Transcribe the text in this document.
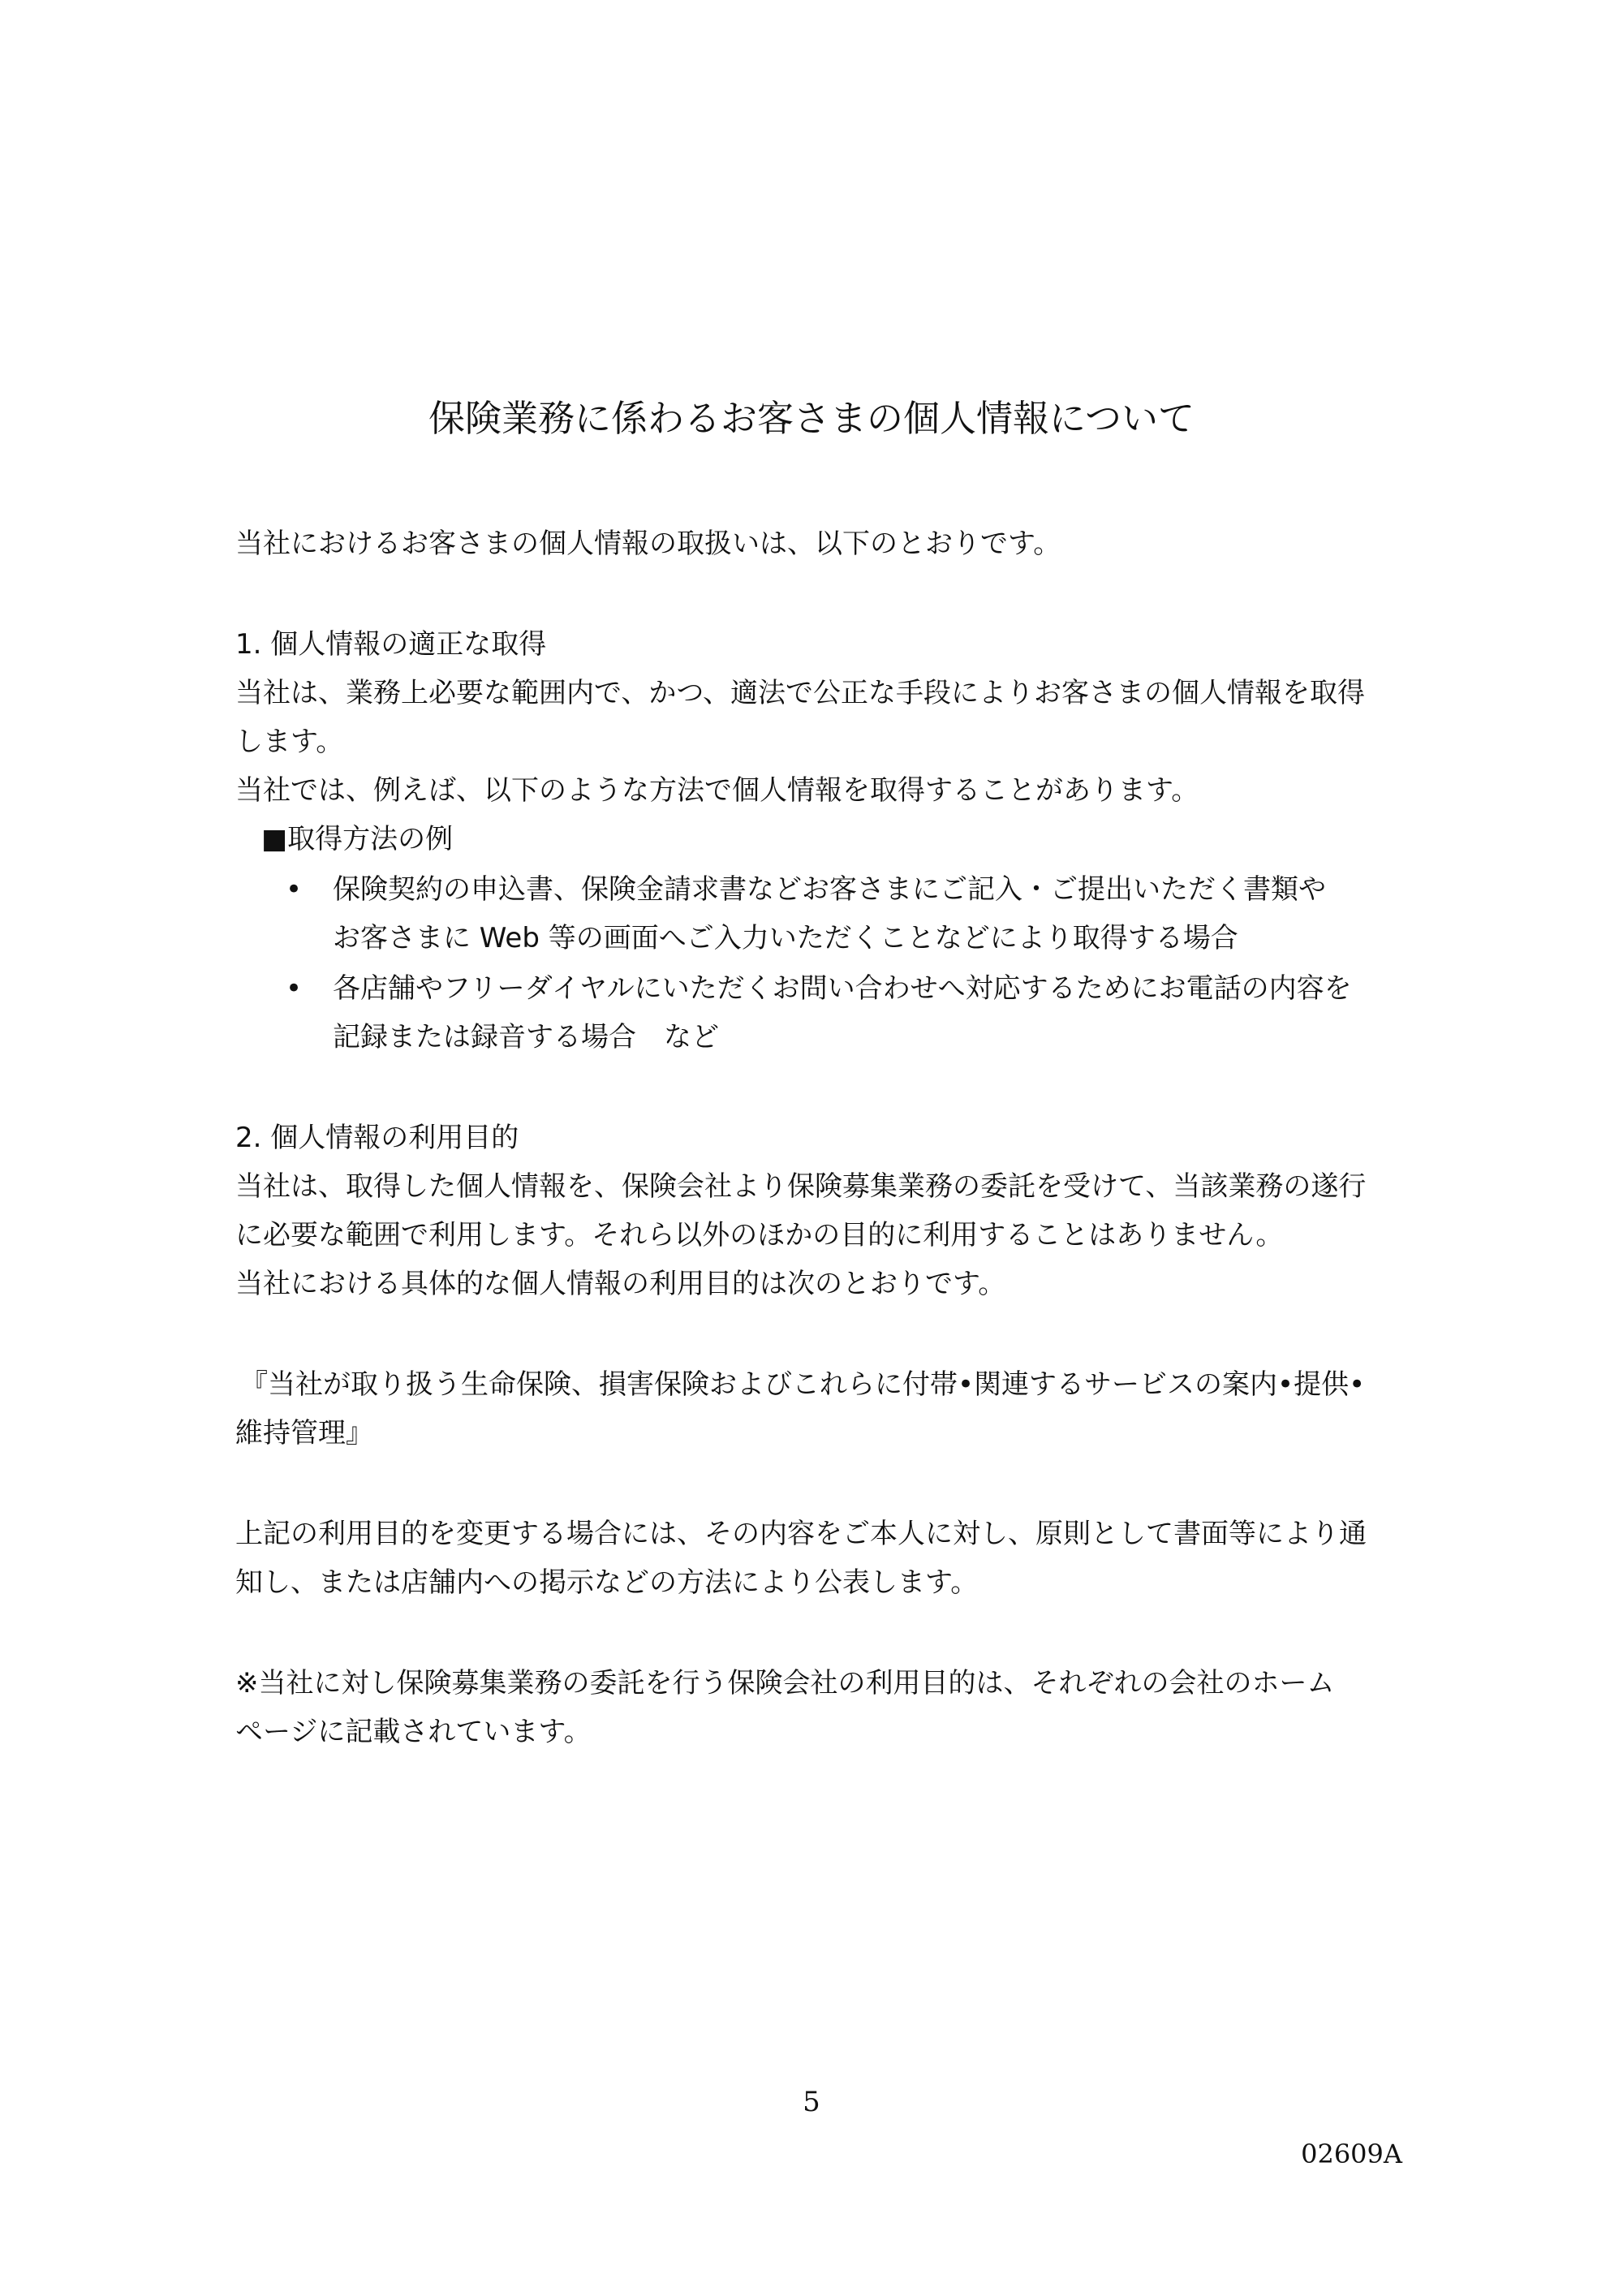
保険業務に係わるお客さまの個人情報について
当社におけるお客さまの個人情報の取扱いは、以下のとおりです。
1. 個人情報の適正な取得
当社は、業務上必要な範囲内で、かつ、適法で公正な手段によりお客さまの個人情報を取得
します。
当社では、例えば、以下のような方法で個人情報を取得することがあります。
■取得方法の例
• 保険契約の申込書、保険金請求書などお客さまにご記入・ご提出いただく書類や
お客さまに Web 等の画面へご入力いただくことなどにより取得する場合
• 各店舗やフリーダイヤルにいただくお問い合わせへ対応するためにお電話の内容を
記録または録音する場合　など
2. 個人情報の利用目的
当社は、取得した個人情報を、保険会社より保険募集業務の委託を受けて、当該業務の遂行
に必要な範囲で利用します。それら以外のほかの目的に利用することはありません。
当社における具体的な個人情報の利用目的は次のとおりです。
『当社が取り扱う生命保険、損害保険およびこれらに付帯•関連するサービスの案内•提供•
維持管理』
上記の利用目的を変更する場合には、その内容をご本人に対し、原則として書面等により通
知し、または店舗内への掲示などの方法により公表します。
※当社に対し保険募集業務の委託を行う保険会社の利用目的は、それぞれの会社のホーム
ページに記載されています。
5
02609A
